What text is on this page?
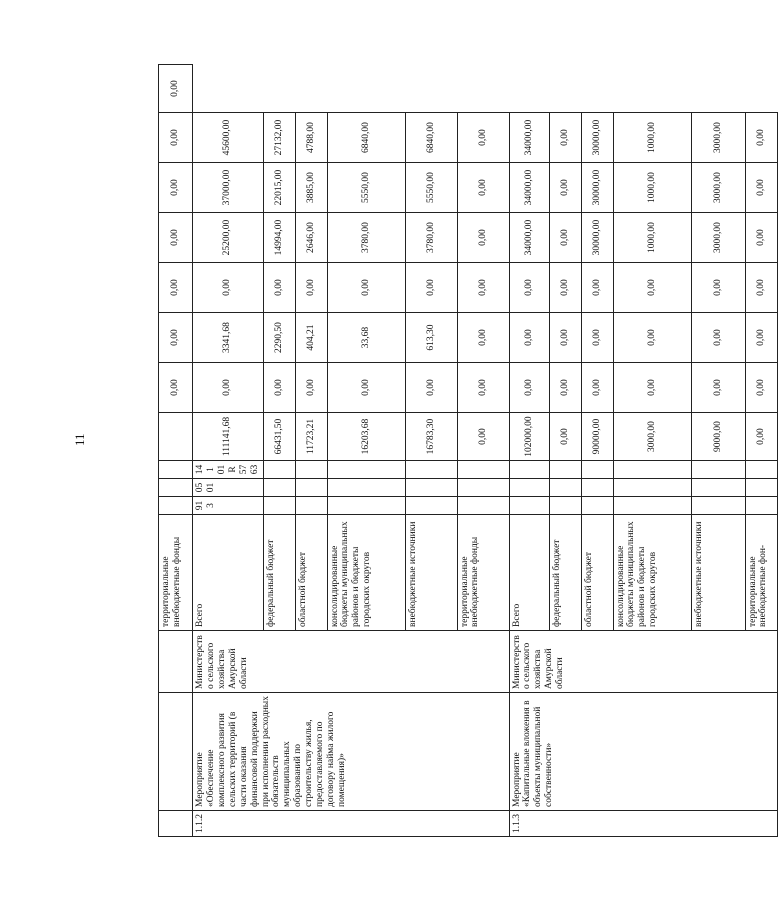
11
			территориальные внебюджетные фонды					0,00	0,00	0,00	0,00	0,00	0,00	0,00
1.1.2	Мероприятие «Обеспечение комплексного развития сельских территорий (в части оказания финансовой поддержки при исполнении расходных обязательств муниципальных образований по строительству жилья, предоставляемого по договору найма жилого помещения)»	Министерство сельского хозяйства Амурской области	Всего	913	0501	14 1 01 R5763	111141,68	0,00	3341,68	0,00	25200,00	37000,00	45600,00	
			федеральный бюджет				66431,50	0,00	2290,50	0,00	14994,00	22015,00	27132,00	
			областной бюджет				11723,21	0,00	404,21	0,00	2646,00	3885,00	4788,00	
			консолидированные бюджеты муниципальных районов и бюджеты городских округов				16203,68	0,00	33,68	0,00	3780,00	5550,00	6840,00	
			внебюджетные источники				16783,30	0,00	613,30	0,00	3780,00	5550,00	6840,00	
			территориальные внебюджетные фонды				0,00	0,00	0,00	0,00	0,00	0,00	0,00	
1.1.3	Мероприятие «Капитальные вложения в объекты муниципальной собственности»	Министерство сельского хозяйства Амурской области	Всего				102000,00	0,00	0,00	0,00	34000,00	34000,00	34000,00	
			федеральный бюджет				0,00	0,00	0,00	0,00	0,00	0,00	0,00	
			областной бюджет				90000,00	0,00	0,00	0,00	30000,00	30000,00	30000,00	
			консолидированные бюджеты муниципальных районов и бюджеты городских округов				3000,00	0,00	0,00	0,00	1000,00	1000,00	1000,00	
			внебюджетные источники				9000,00	0,00	0,00	0,00	3000,00	3000,00	3000,00	
			территориальные внебюджетные фон-				0,00	0,00	0,00	0,00	0,00	0,00	0,00	
